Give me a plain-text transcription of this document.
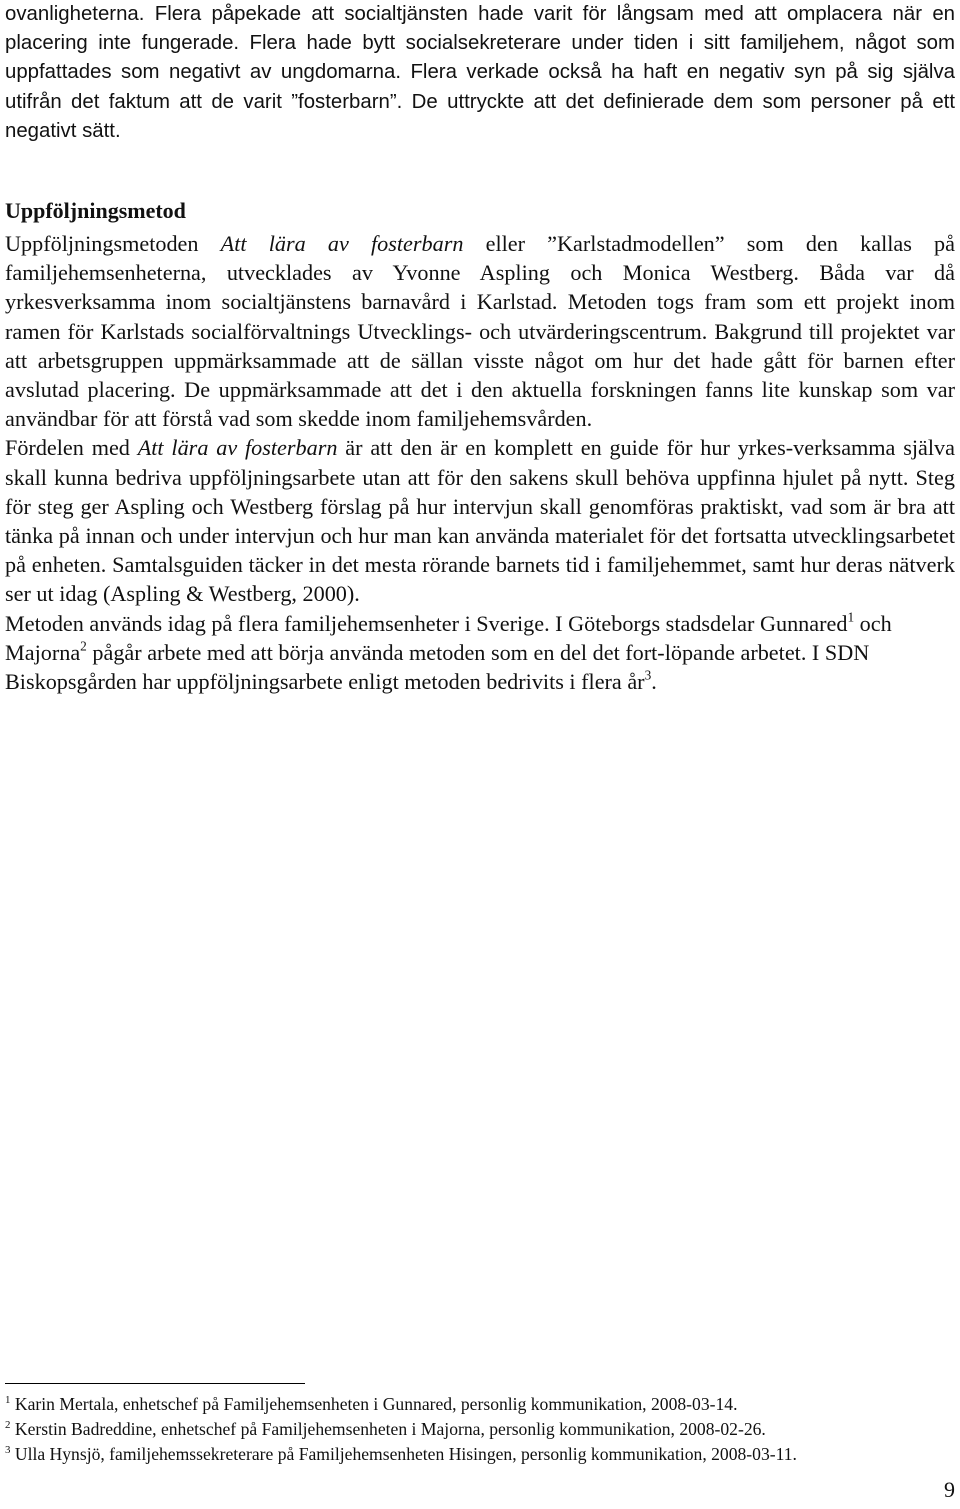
ovanligheterna. Flera påpekade att socialtjänsten hade varit för långsam med att omplacera när en placering inte fungerade. Flera hade bytt socialsekreterare under tiden i sitt familjehem, något som uppfattades som negativt av ungdomarna. Flera verkade också ha haft en negativ syn på sig själva utifrån det faktum att de varit ”fosterbarn”. De uttryckte att det definierade dem som personer på ett negativt sätt.

Uppföljningsmetod

Uppföljningsmetoden Att lära av fosterbarn eller ”Karlstadmodellen” som den kallas på familjehemsenheterna, utvecklades av Yvonne Aspling och Monica Westberg. Båda var då yrkesverksamma inom socialtjänstens barnavård i Karlstad. Metoden togs fram som ett projekt inom ramen för Karlstads socialförvaltnings Utvecklings- och utvärderingscentrum. Bakgrund till projektet var att arbetsgruppen uppmärksammade att de sällan visste något om hur det hade gått för barnen efter avslutad placering. De uppmärksammade att det i den aktuella forskningen fanns lite kunskap som var användbar för att förstå vad som skedde inom familjehemsvården.

Fördelen med Att lära av fosterbarn är att den är en komplett en guide för hur yrkes-verksamma själva skall kunna bedriva uppföljningsarbete utan att för den sakens skull behöva uppfinna hjulet på nytt. Steg för steg ger Aspling och Westberg förslag på hur intervjun skall genomföras praktiskt, vad som är bra att tänka på innan och under intervjun och hur man kan använda materialet för det fortsatta utvecklingsarbetet på enheten. Samtalsguiden täcker in det mesta rörande barnets tid i familjehemmet, samt hur deras nätverk ser ut idag (Aspling & Westberg, 2000).

Metoden används idag på flera familjehemsenheter i Sverige. I Göteborgs stadsdelar Gunnared$^1$ och Majorna$^2$ pågår arbete med att börja använda metoden som en del det fort-löpande arbetet. I SDN Biskopsgården har uppföljningsarbete enligt metoden bedrivits i flera $år^3$.

$^1$ Karin Mertala, enhetschef på Familjehemsenheten i Gunnared, personlig kommunikation, 2008-03-14.

$^2$ Kerstin Badreddine, enhetschef på Familjehemsenheten i Majorna, personlig kommunikation, 2008-02-26.

$^3$ Ulla Hynsjö, familjehemssekreterare på Familjehemsenheten Hisingen, personlig kommunikation, 2008-03-11.

9
